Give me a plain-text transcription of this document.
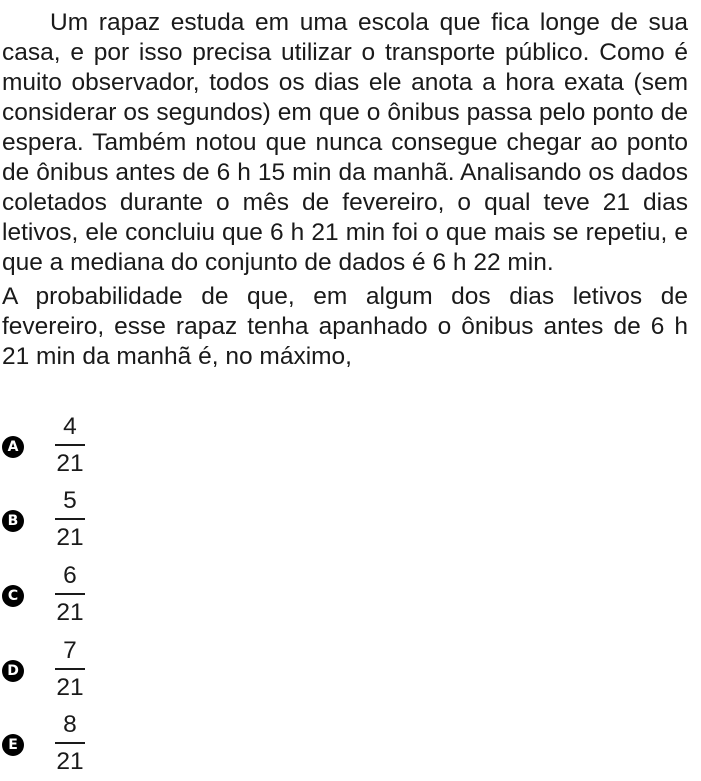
Um rapaz estuda em uma escola que fica longe de sua casa, e por isso precisa utilizar o transporte público. Como é muito observador, todos os dias ele anota a hora exata (sem considerar os segundos) em que o ônibus passa pelo ponto de espera. Também notou que nunca consegue chegar ao ponto de ônibus antes de 6 h 15 min da manhã. Analisando os dados coletados durante o mês de fevereiro, o qual teve 21 dias letivos, ele concluiu que 6 h 21 min foi o que mais se repetiu, e que a mediana do conjunto de dados é 6 h 22 min.

A probabilidade de que, em algum dos dias letivos de fevereiro, esse rapaz tenha apanhado o ônibus antes de 6 h 21 min da manhã é, no máximo,

A
4
21
B
5
21
C
6
21
D
7
21
E
8
21
